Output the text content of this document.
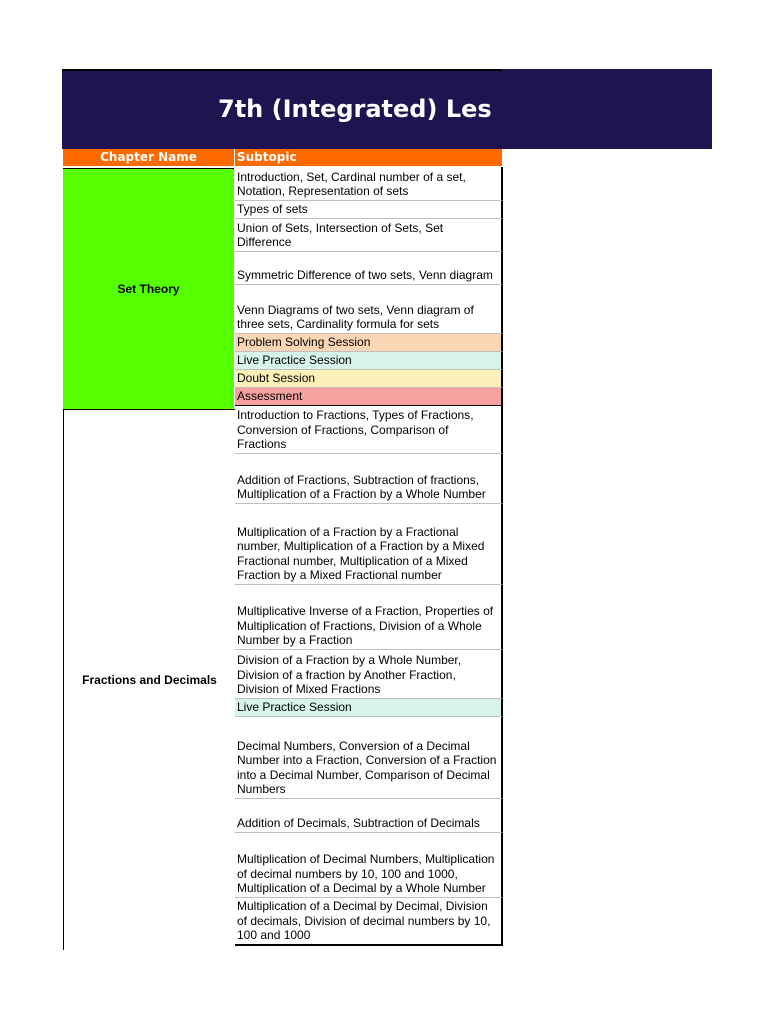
7th (Integrated) Les
Chapter Name	Subtopic
Set Theory
Fractions and Decimals
Introduction, Set, Cardinal number of a set, Notation, Representation of sets
Types of sets
Union of Sets, Intersection of Sets, Set Difference
Symmetric Difference of two sets, Venn diagram
Venn Diagrams of two sets, Venn diagram of three sets, Cardinality formula for sets
Problem Solving Session
Live Practice Session
Doubt Session
Assessment
Introduction to Fractions, Types of Fractions, Conversion of Fractions, Comparison of Fractions
Addition of Fractions, Subtraction of fractions, Multiplication of a Fraction by a Whole Number
Multiplication of a Fraction by a Fractional number, Multiplication of a Fraction by a Mixed Fractional number, Multiplication of a Mixed Fraction by a Mixed Fractional number
Multiplicative Inverse of a Fraction, Properties of Multiplication of Fractions, Division of a Whole Number by a Fraction
Division of a Fraction by a Whole Number, Division of a fraction by Another Fraction, Division of Mixed Fractions
Live Practice Session
Decimal Numbers, Conversion of a Decimal Number into a Fraction, Conversion of a Fraction into a Decimal Number, Comparison of Decimal Numbers
Addition of Decimals, Subtraction of Decimals
Multiplication of Decimal Numbers, Multiplication of decimal numbers by 10, 100 and 1000, Multiplication of a Decimal by a Whole Number
Multiplication of a Decimal by Decimal, Division of decimals, Division of decimal numbers by 10, 100 and 1000
